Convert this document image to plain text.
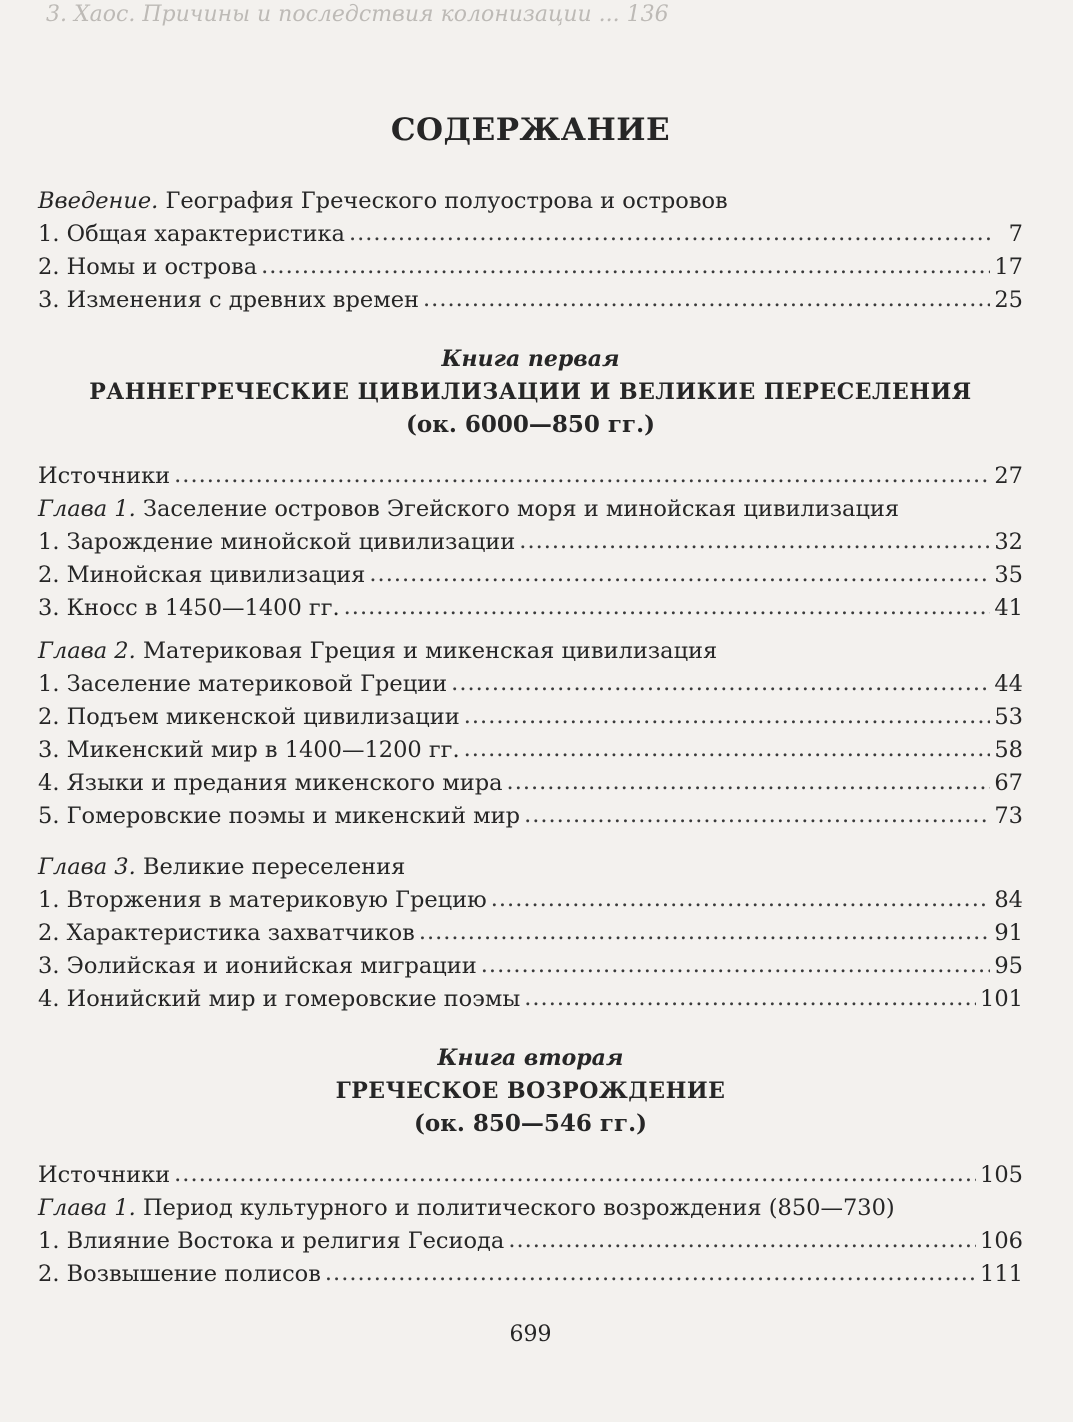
3. Хаос. Причины и последствия колонизации ... 136
СОДЕРЖАНИЕ
Введение. География Греческого полуострова и островов
1. Общая характеристика .....	7
2. Номы и острова .....	17
3. Изменения с древних времен .....	25
Книга первая
РАННЕГРЕЧЕСКИЕ ЦИВИЛИЗАЦИИ И ВЕЛИКИЕ ПЕРЕСЕЛЕНИЯ
(ок. 6000—850 гг.)
Источники .....	27
Глава 1. Заселение островов Эгейского моря и минойская цивилизация
1. Зарождение минойской цивилизации .....	32
2. Минойская цивилизация .....	35
3. Кносс в 1450—1400 гг. .....	41
Глава 2. Материковая Греция и микенская цивилизация
1. Заселение материковой Греции .....	44
2. Подъем микенской цивилизации .....	53
3. Микенский мир в 1400—1200 гг. .....	58
4. Языки и предания микенского мира .....	67
5. Гомеровские поэмы и микенский мир .....	73
Глава 3. Великие переселения
1. Вторжения в материковую Грецию .....	84
2. Характеристика захватчиков .....	91
3. Эолийская и ионийская миграции .....	95
4. Ионийский мир и гомеровские поэмы .....	101
Книга вторая
ГРЕЧЕСКОЕ ВОЗРОЖДЕНИЕ
(ок. 850—546 гг.)
Источники .....	105
Глава 1. Период культурного и политического возрождения (850—730)
1. Влияние Востока и религия Гесиода .....	106
2. Возвышение полисов .....	111
699
